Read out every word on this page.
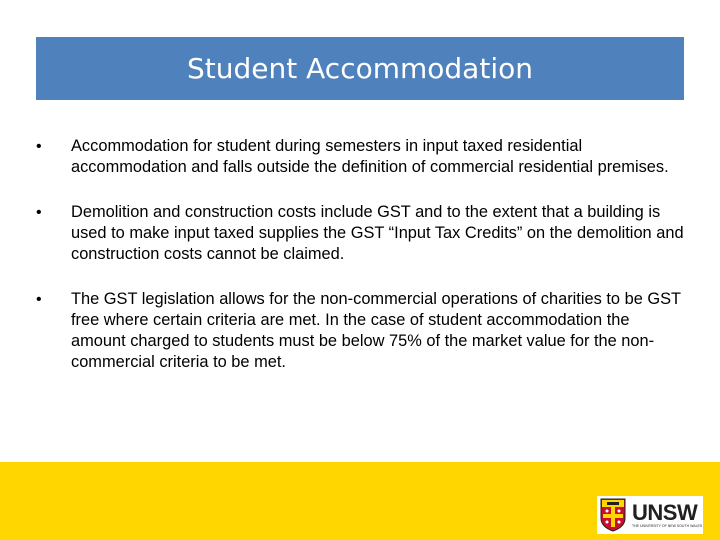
Student Accommodation
•	Accommodation for student during semesters in input taxed residential accommodation and falls outside the definition of commercial residential premises.
•	Demolition and construction costs include GST and to the extent that a building is used to make input taxed supplies the GST “Input Tax Credits” on the demolition and construction costs cannot be claimed.
•	The GST legislation allows for the non-commercial operations of charities to be GST free where certain criteria are met. In the case of student accommodation the amount charged to students must be below 75% of the market value for the non-commercial criteria to be met.
UNSW
THE UNIVERSITY OF NEW SOUTH WALES
